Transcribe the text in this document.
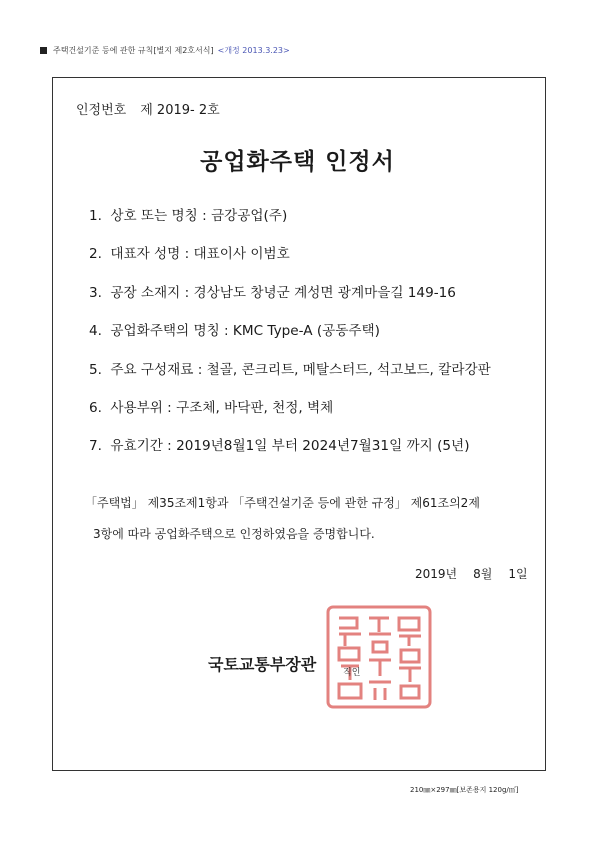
주택건설기준 등에 관한 규칙[별지 제2호서식] <개정 2013.3.23>
인정번호 제 2019- 2호
공업화주택 인정서
1. 상호 또는 명칭 : 금강공업(주)
2. 대표자 성명 : 대표이사 이범호
3. 공장 소재지 : 경상남도 창녕군 계성면 광계마을길 149-16
4. 공업화주택의 명칭 : KMC Type-A (공동주택)
5. 주요 구성재료 : 철골, 콘크리트, 메탈스터드, 석고보드, 칼라강판
6. 사용부위 : 구조체, 바닥판, 천정, 벽체
7. 유효기간 : 2019년8월1일 부터 2024년7월31일 까지 (5년)
「주택법」 제35조제1항과 「주택건설기준 등에 관한 규정」 제61조의2제
3항에 따라 공업화주택으로 인정하였음을 증명합니다.
2019년 8월 1일
직인
국토교통부장관
210㎜×297㎜[보존용지 120g/㎡]
